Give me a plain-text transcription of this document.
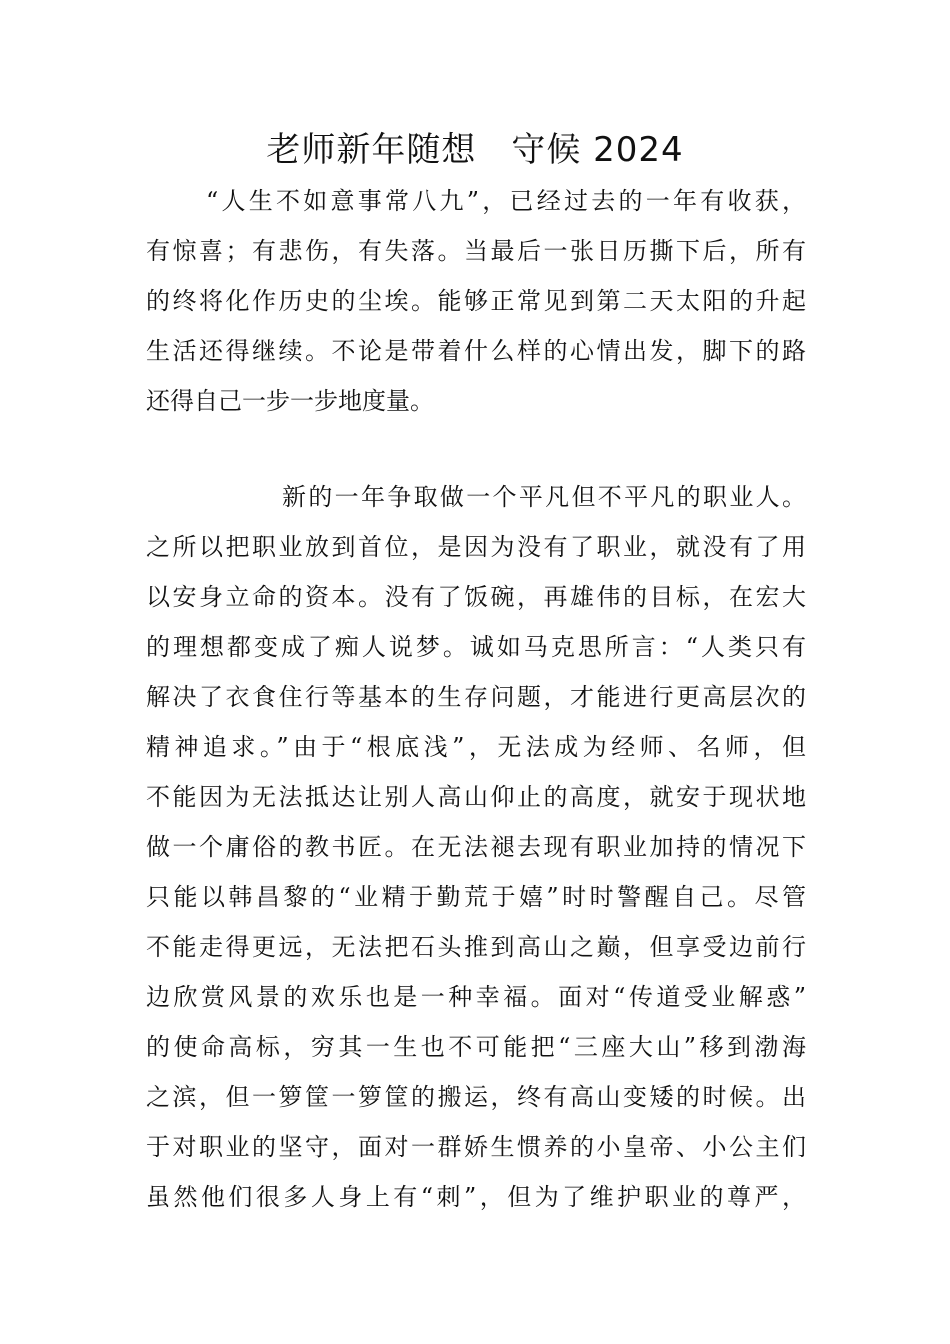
老师新年随想　守候 2024
“人生不如意事常八九”，已经过去的一年有收获，
有惊喜；有悲伤，有失落。当最后一张日历撕下后，所有
的终将化作历史的尘埃。能够正常见到第二天太阳的升起
生活还得继续。不论是带着什么样的心情出发，脚下的路
还得自己一步一步地度量。
新的一年争取做一个平凡但不平凡的职业人。
之所以把职业放到首位，是因为没有了职业，就没有了用
以安身立命的资本。没有了饭碗，再雄伟的目标，在宏大
的理想都变成了痴人说梦。诚如马克思所言：“人类只有
解决了衣食住行等基本的生存问题，才能进行更高层次的
精神追求。”由于“根底浅”，无法成为经师、名师，但
不能因为无法抵达让别人高山仰止的高度，就安于现状地
做一个庸俗的教书匠。在无法褪去现有职业加持的情况下
只能以韩昌黎的“业精于勤荒于嬉”时时警醒自己。尽管
不能走得更远，无法把石头推到高山之巅，但享受边前行
边欣赏风景的欢乐也是一种幸福。面对“传道受业解惑”
的使命高标，穷其一生也不可能把“三座大山”移到渤海
之滨，但一箩筐一箩筐的搬运，终有高山变矮的时候。出
于对职业的坚守，面对一群娇生惯养的小皇帝、小公主们
虽然他们很多人身上有“刺”，但为了维护职业的尊严，
